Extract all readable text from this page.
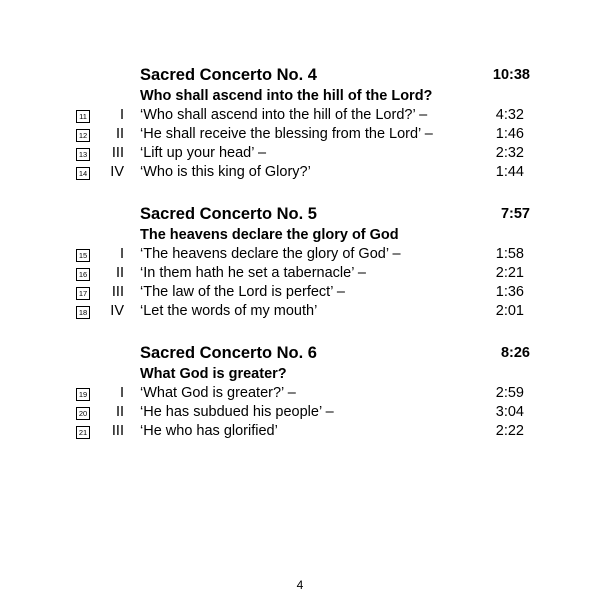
Sacred Concerto No. 4	10:38
Who shall ascend into the hill of the Lord?
11	I ‘Who shall ascend into the hill of the Lord?’ –	4:32
12	II ‘He shall receive the blessing from the Lord’ –	1:46
13	III ‘Lift up your head’ –	2:32
14	IV ‘Who is this king of Glory?’	1:44
Sacred Concerto No. 5	7:57
The heavens declare the glory of God
15	I ‘The heavens declare the glory of God’ –	1:58
16	II ‘In them hath he set a tabernacle’ –	2:21
17	III ‘The law of the Lord is perfect’ –	1:36
18	IV ‘Let the words of my mouth’	2:01
Sacred Concerto No. 6	8:26
What God is greater?
19	I ‘What God is greater?’ –	2:59
20	II ‘He has subdued his people’ –	3:04
21	III ‘He who has glorified’	2:22
4
